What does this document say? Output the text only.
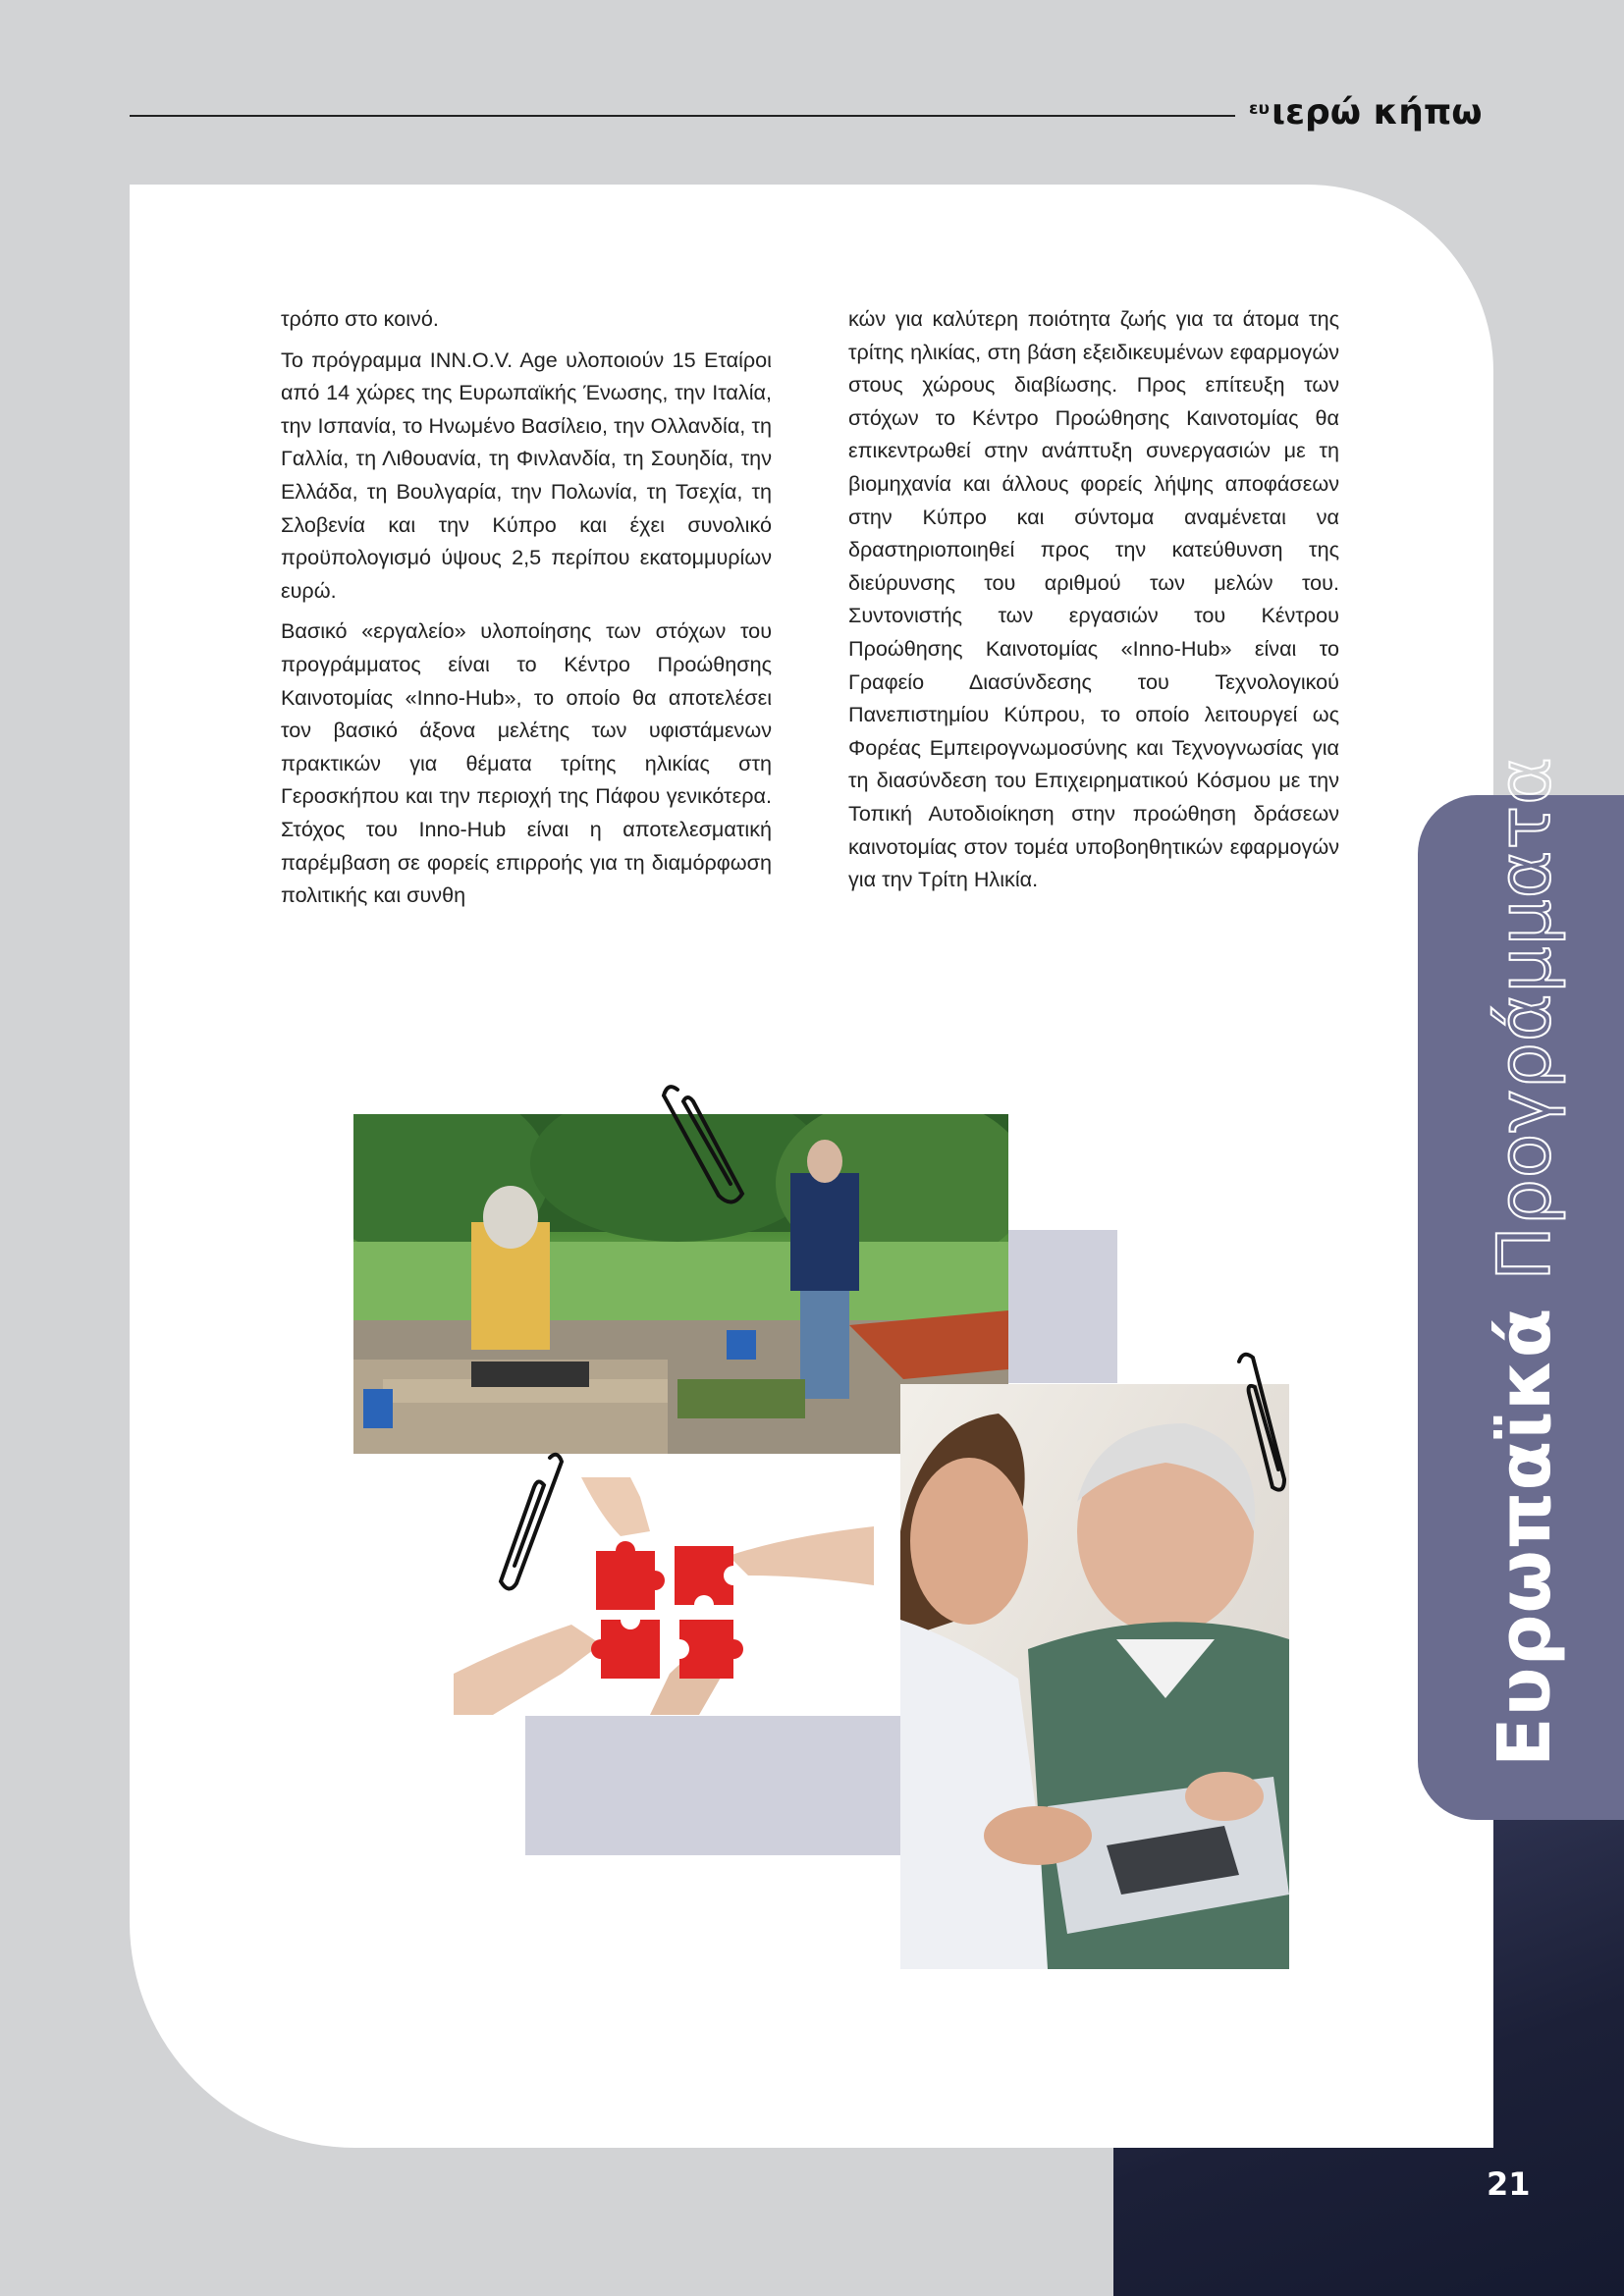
$^{\varepsilon\upsilon}$ιερώ κήπω
Ευρωπαϊκά Προγράμματα
21

τρόπο στο κοινό.

Το πρόγραμμα INN.O.V. Age υλοποιούν 15 Εταίροι από 14 χώρες της Ευρωπαϊκής Ένωσης, την Ιταλία, την Ισπανία, το Ηνωμένο Βασίλειο, την Ολλανδία, τη Γαλλία, τη Λιθουανία, τη Φινλανδία, τη Σουηδία, την Ελλάδα, τη Βουλγαρία, την Πολωνία, τη Τσεχία, τη Σλοβενία και την Κύπρο και έχει συνολικό προϋπολογισμό ύψους 2,5 περίπου εκατομμυρίων ευρώ.

Βασικό «εργαλείο» υλοποίησης των στόχων του προγράμματος είναι το Κέντρο Προώθησης Καινοτομίας «Inno-Hub», το οποίο θα αποτελέσει τον βασικό άξονα μελέτης των υφιστάμενων πρακτικών για θέματα τρίτης ηλικίας στη Γεροσκήπου και την περιοχή της Πάφου γενικότερα. Στόχος του Inno-Hub είναι η αποτελεσματική παρέμβαση σε φορείς επιρροής για τη διαμόρφωση πολιτικής και συνθη

κών για καλύτερη ποιότητα ζωής για τα άτομα της τρίτης ηλικίας, στη βάση εξειδικευμένων εφαρμογών στους χώρους διαβίωσης. Προς επίτευξη των στόχων το Κέντρο Προώθησης Καινοτομίας θα επικεντρωθεί στην ανάπτυξη συνεργασιών με τη βιομηχανία και άλλους φορείς λήψης αποφάσεων στην Κύπρο και σύντομα αναμένεται να δραστηριοποιηθεί προς την κατεύθυνση της διεύρυνσης του αριθμού των μελών του. Συντονιστής των εργασιών του Κέντρου Προώθησης Καινοτομίας «Inno-Hub» είναι το Γραφείο Διασύνδεσης του Τεχνολογικού Πανεπιστημίου Κύπρου, το οποίο λειτουργεί ως Φορέας Εμπειρογνωμοσύνης και Τεχνογνωσίας για τη διασύνδεση του Επιχειρηματικού Κόσμου με την Τοπική Αυτοδιοίκηση στην προώθηση δράσεων καινοτομίας στον τομέα υποβοηθητικών εφαρμογών για την Τρίτη Ηλικία.
